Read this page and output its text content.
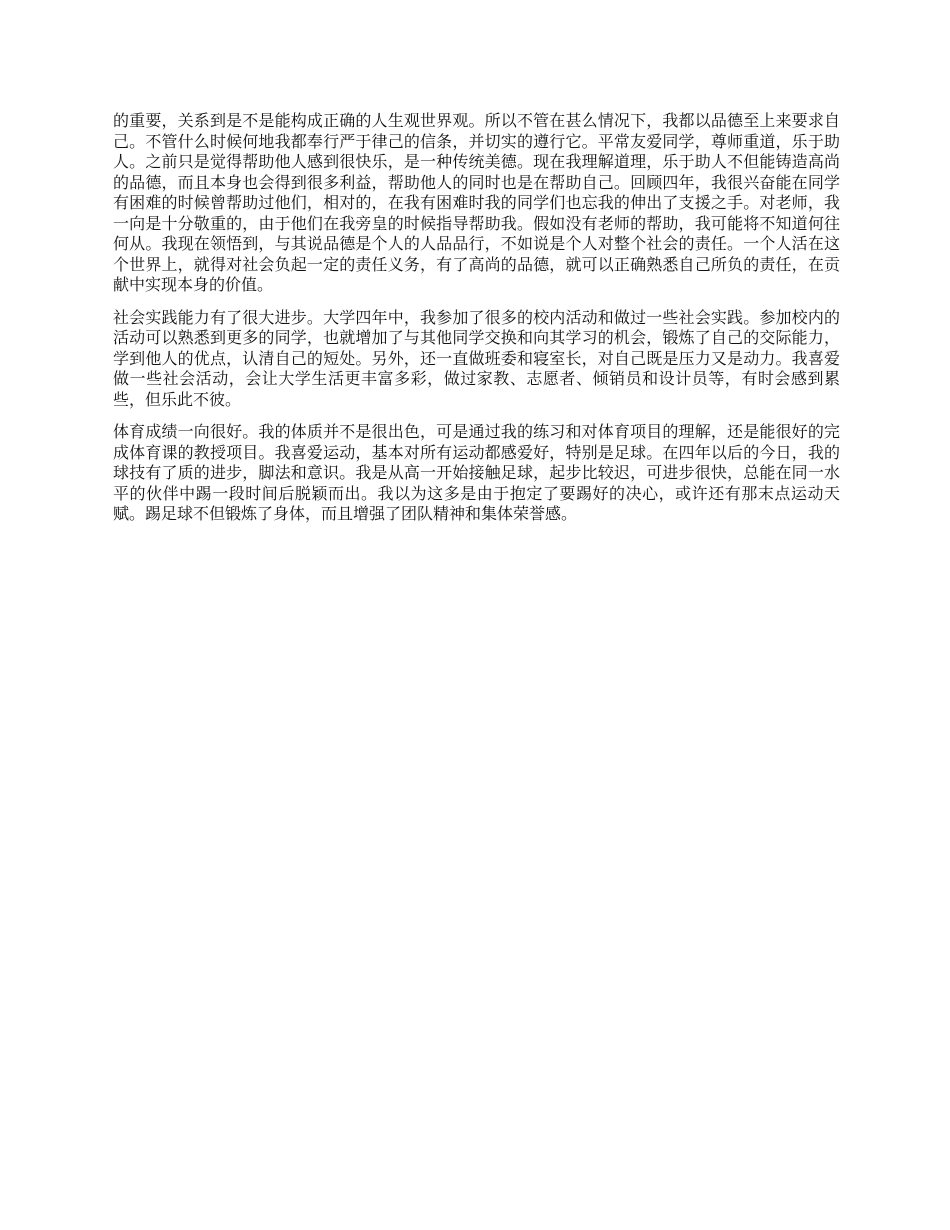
的重要，关系到是不是能构成正确的人生观世界观。所以不管在甚么情况下，我都以品德至上来要求自己。不管什么时候何地我都奉行严于律己的信条，并切实的遵行它。平常友爱同学，尊师重道，乐于助人。之前只是觉得帮助他人感到很快乐，是一种传统美德。现在我理解道理，乐于助人不但能铸造高尚的品德，而且本身也会得到很多利益，帮助他人的同时也是在帮助自己。回顾四年，我很兴奋能在同学有困难的时候曾帮助过他们，相对的，在我有困难时我的同学们也忘我的伸出了支援之手。对老师，我一向是十分敬重的，由于他们在我旁皇的时候指导帮助我。假如没有老师的帮助，我可能将不知道何往何从。我现在领悟到，与其说品德是个人的人品品行，不如说是个人对整个社会的责任。一个人活在这个世界上，就得对社会负起一定的责任义务，有了高尚的品德，就可以正确熟悉自己所负的责任，在贡献中实现本身的价值。

社会实践能力有了很大进步。大学四年中，我参加了很多的校内活动和做过一些社会实践。参加校内的活动可以熟悉到更多的同学，也就增加了与其他同学交换和向其学习的机会，锻炼了自己的交际能力，学到他人的优点，认清自己的短处。另外，还一直做班委和寝室长，对自己既是压力又是动力。我喜爱做一些社会活动，会让大学生活更丰富多彩，做过家教、志愿者、倾销员和设计员等，有时会感到累些，但乐此不彼。

体育成绩一向很好。我的体质并不是很出色，可是通过我的练习和对体育项目的理解，还是能很好的完成体育课的教授项目。我喜爱运动，基本对所有运动都感爱好，特别是足球。在四年以后的今日，我的球技有了质的进步，脚法和意识。我是从高一开始接触足球，起步比较迟，可进步很快，总能在同一水平的伙伴中踢一段时间后脱颖而出。我以为这多是由于抱定了要踢好的决心，或许还有那末点运动天赋。踢足球不但锻炼了身体，而且增强了团队精神和集体荣誉感。
